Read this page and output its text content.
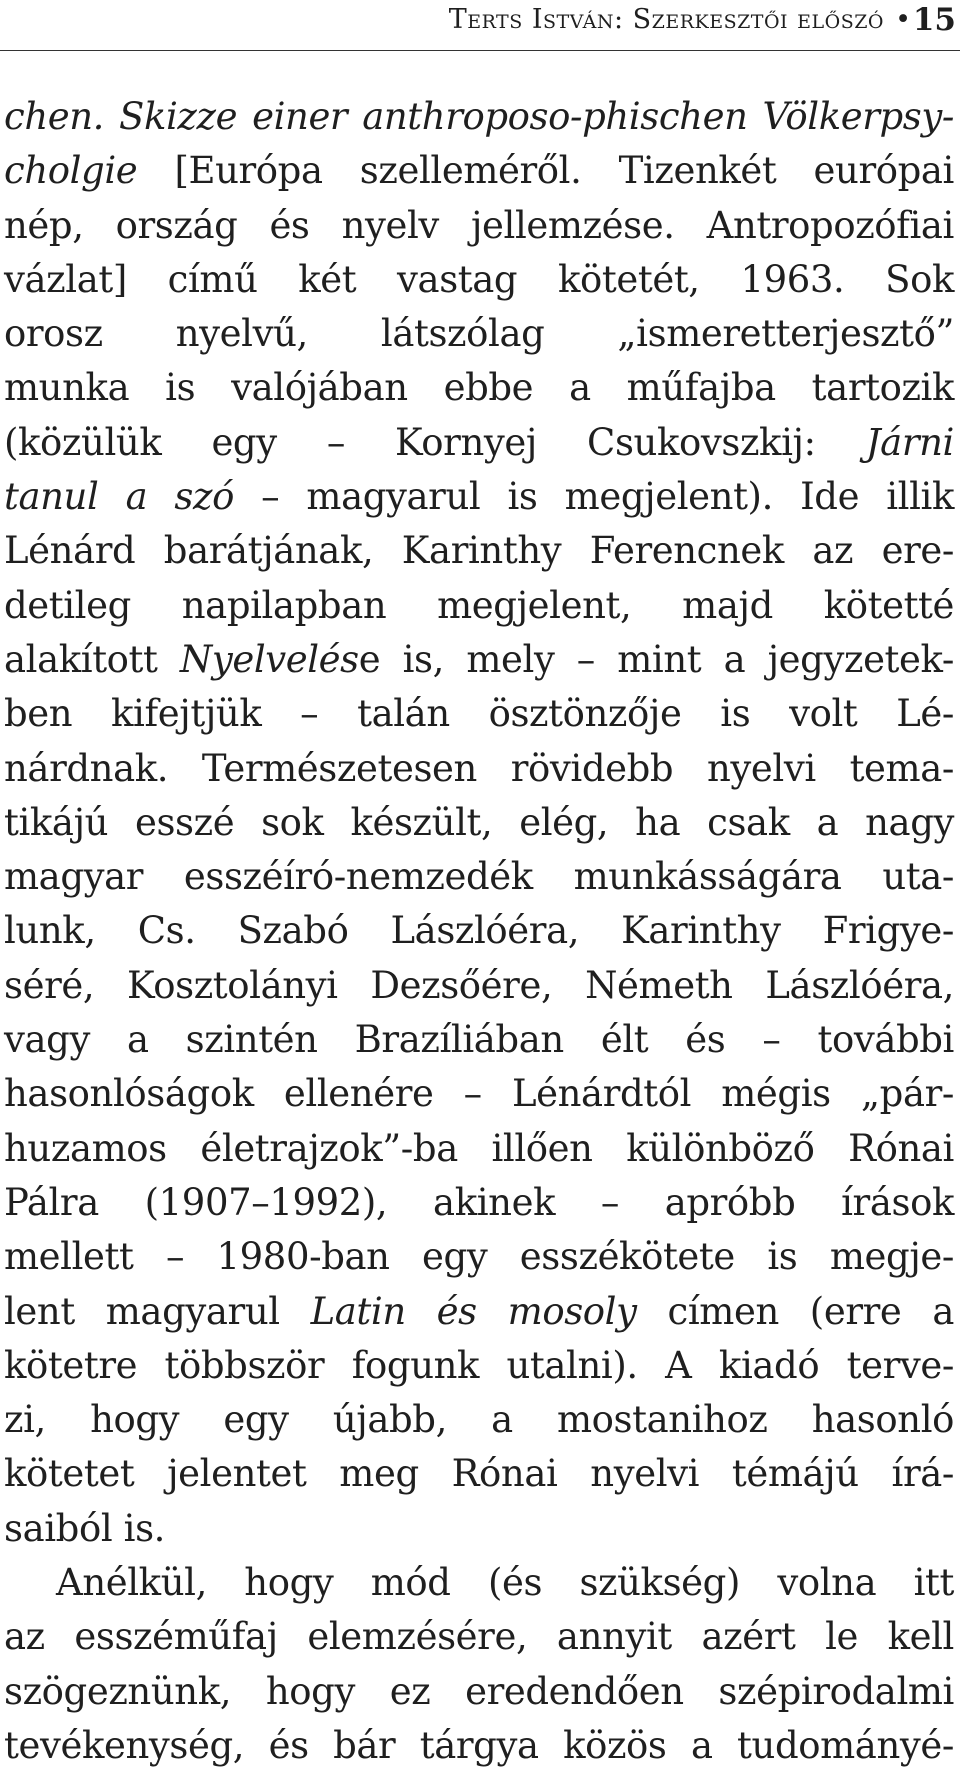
Terts István: Szerkesztői előszó • 15
chen. Skizze einer anthroposo-phischen Völkerpsy-
cholgie [Európa szelleméről. Tizenkét európai
nép, ország és nyelv jellemzése. Antropozófiai
vázlat] című két vastag kötetét, 1963. Sok
orosz nyelvű, látszólag „ismeretterjesztő”
munka is valójában ebbe a műfajba tartozik
(közülük egy – Kornyej Csukovszkij: Járni
tanul a szó – magyarul is megjelent). Ide illik
Lénárd barátjának, Karinthy Ferencnek az ere-
detileg napilapban megjelent, majd kötetté
alakított Nyelvelése is, mely – mint a jegyzetek-
ben kifejtjük – talán ösztönzője is volt Lé-
nárdnak. Természetesen rövidebb nyelvi tema-
tikájú esszé sok készült, elég, ha csak a nagy
magyar esszéíró-nemzedék munkásságára uta-
lunk, Cs. Szabó Lászlóéra, Karinthy Frigye-
séré, Kosztolányi Dezsőére, Németh Lászlóéra,
vagy a szintén Brazíliában élt és – további
hasonlóságok ellenére – Lénárdtól mégis „pár-
huzamos életrajzok”-ba illően különböző Rónai
Pálra (1907–1992), akinek – apróbb írások
mellett – 1980-ban egy esszékötete is megje-
lent magyarul Latin és mosoly címen (erre a
kötetre többször fogunk utalni). A kiadó terve-
zi, hogy egy újabb, a mostanihoz hasonló
kötetet jelentet meg Rónai nyelvi témájú írá-
saiból is.
Anélkül, hogy mód (és szükség) volna itt
az esszéműfaj elemzésére, annyit azért le kell
szögeznünk, hogy ez eredendően szépirodalmi
tevékenység, és bár tárgya közös a tudományé-
